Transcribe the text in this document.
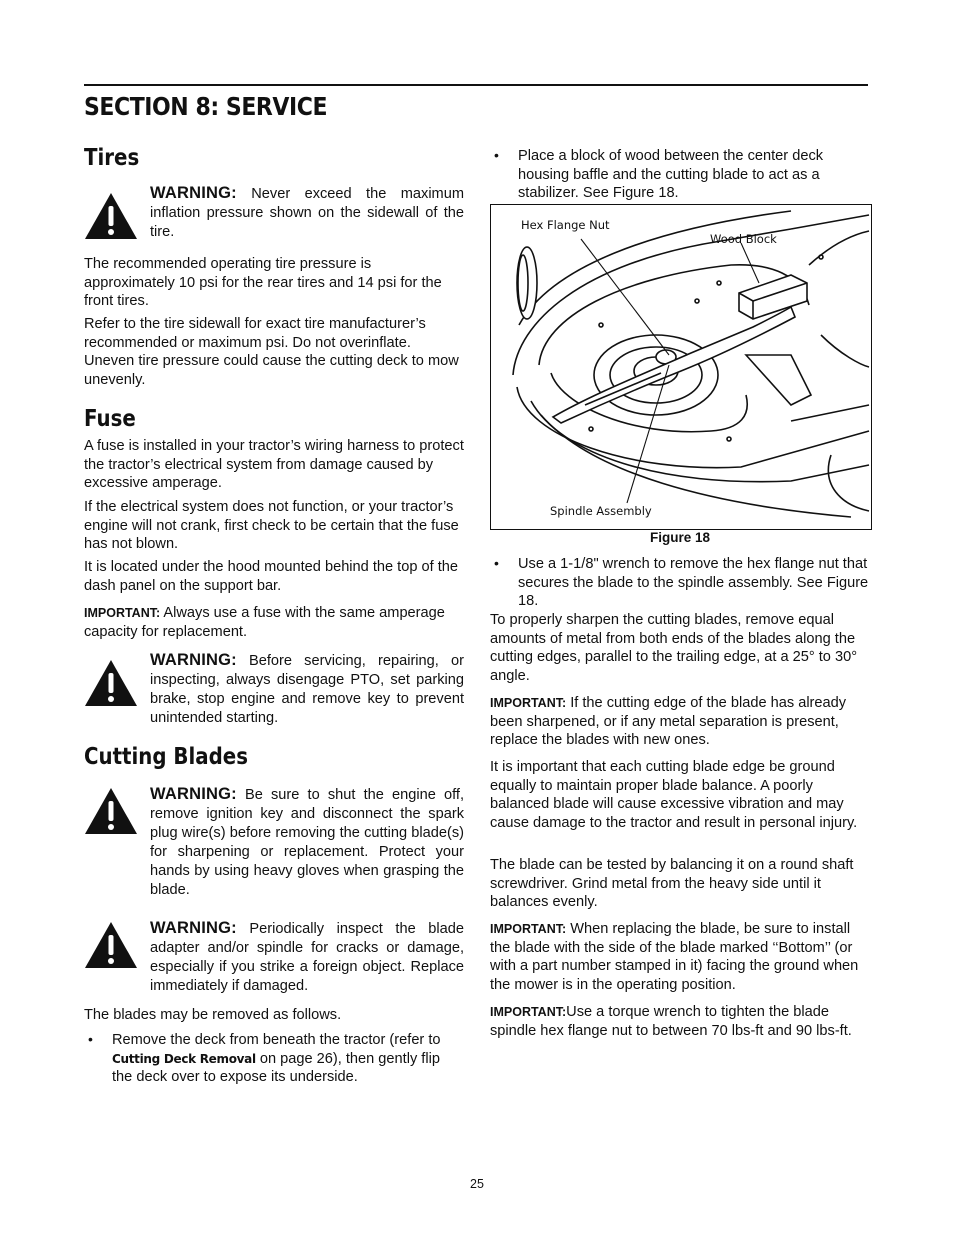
SECTION 8: SERVICE
Tires
WARNING: Never exceed the maximum inflation pressure shown on the sidewall of the tire.

The recommended operating tire pressure is approximately 10 psi for the rear tires and 14 psi for the front tires.

Refer to the tire sidewall for exact tire manufacturer’s recommended or maximum psi. Do not overinflate. Uneven tire pressure could cause the cutting deck to mow unevenly.

Fuse

A fuse is installed in your tractor’s wiring harness to protect the tractor’s electrical system from damage caused by excessive amperage.

If the electrical system does not function, or your tractor’s engine will not crank, first check to be certain that the fuse has not blown.

It is located under the hood mounted behind the top of the dash panel on the support bar.

IMPORTANT: Always use a fuse with the same amperage capacity for replacement.

WARNING: Before servicing, repairing, or inspecting, always disengage PTO, set parking brake, stop engine and remove key to prevent unintended starting.
Cutting Blades
WARNING: Be sure to shut the engine off, remove ignition key and disconnect the spark plug wire(s) before removing the cutting blade(s) for sharpening or replacement. Protect your hands by using heavy gloves when grasping the blade.
WARNING: Periodically inspect the blade adapter and/or spindle for cracks or damage, especially if you strike a foreign object. Replace immediately if damaged.

The blades may be removed as follows.

• Remove the deck from beneath the tractor (refer to Cutting Deck Removal on page 26), then gently flip the deck over to expose its underside.

• Place a block of wood between the center deck housing baffle and the cutting blade to act as a stabilizer. See Figure 18.

Hex Flange Nut
Wood Block
Spindle Assembly
Figure 18
• Use a 1-1/8" wrench to remove the hex flange nut that secures the blade to the spindle assembly. See Figure 18.

To properly sharpen the cutting blades, remove equal amounts of metal from both ends of the blades along the cutting edges, parallel to the trailing edge, at a 25° to 30° angle.

IMPORTANT: If the cutting edge of the blade has already been sharpened, or if any metal separation is present, replace the blades with new ones.

It is important that each cutting blade edge be ground equally to maintain proper blade balance. A poorly balanced blade will cause excessive vibration and may cause damage to the tractor and result in personal injury.

The blade can be tested by balancing it on a round shaft screwdriver. Grind metal from the heavy side until it balances evenly.

IMPORTANT: When replacing the blade, be sure to install the blade with the side of the blade marked ‘‘Bottom’’ (or with a part number stamped in it) facing the ground when the mower is in the operating position.

IMPORTANT:Use a torque wrench to tighten the blade spindle hex flange nut to between 70 lbs-ft and 90 lbs-ft.

25
